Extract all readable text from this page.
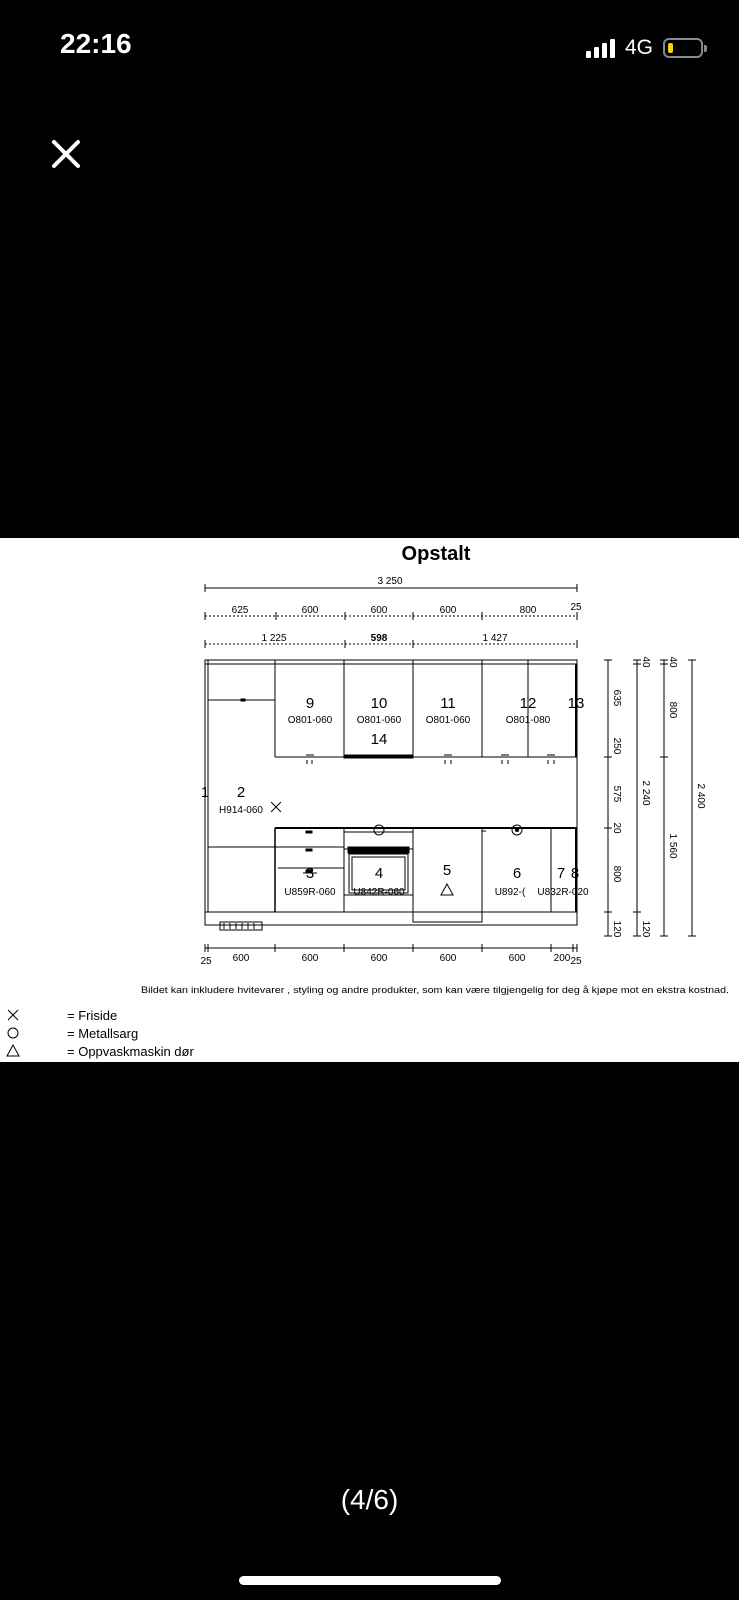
22:16	4G
Opstalt
3 250
625	600	600	600	800	25
1 225	598	1 427
635
250
575
20
800
120
40
2 240
120
40
800
1 560
2 400
9
O801-060
10
O801-060
11
O801-060
12
O801-080
13
14
1 2
H914-060
3
U859R-060
4
U842R-060
5	6
U892-(
7 8
U832R-020
25 600	600	600	600	600	200 25
Bildet kan inkludere hvitevarer , styling og andre produkter, som kan være tilgjengelig for deg å kjøpe mot en ekstra kostnad.
= Friside
= Metallsarg
= Oppvaskmaskin dør
(4/6)
